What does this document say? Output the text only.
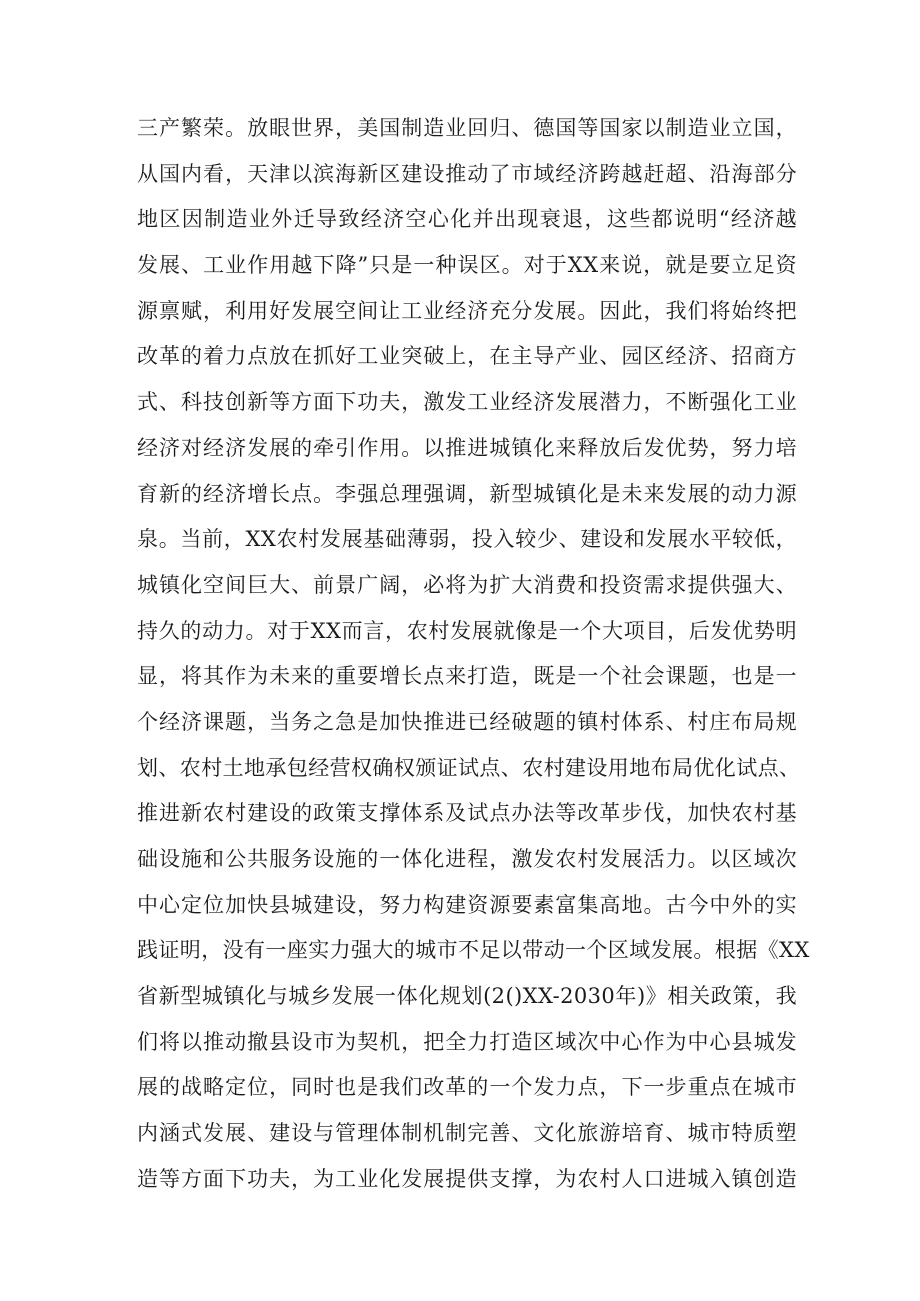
三产繁荣。放眼世界，美国制造业回归、德国等国家以制造业立国，
从国内看，天津以滨海新区建设推动了市域经济跨越赶超、沿海部分
地区因制造业外迁导致经济空心化并出现衰退，这些都说明“经济越
发展、工业作用越下降”只是一种误区。对于XX来说，就是要立足资
源禀赋，利用好发展空间让工业经济充分发展。因此，我们将始终把
改革的着力点放在抓好工业突破上，在主导产业、园区经济、招商方
式、科技创新等方面下功夫，激发工业经济发展潜力，不断强化工业
经济对经济发展的牵引作用。以推进城镇化来释放后发优势，努力培
育新的经济增长点。李强总理强调，新型城镇化是未来发展的动力源
泉。当前，XX农村发展基础薄弱，投入较少、建设和发展水平较低，
城镇化空间巨大、前景广阔，必将为扩大消费和投资需求提供强大、
持久的动力。对于XX而言，农村发展就像是一个大项目，后发优势明
显，将其作为未来的重要增长点来打造，既是一个社会课题，也是一
个经济课题，当务之急是加快推进已经破题的镇村体系、村庄布局规
划、农村土地承包经营权确权颁证试点、农村建设用地布局优化试点、
推进新农村建设的政策支撑体系及试点办法等改革步伐，加快农村基
础设施和公共服务设施的一体化进程，激发农村发展活力。以区域次
中心定位加快县城建设，努力构建资源要素富集高地。古今中外的实
践证明，没有一座实力强大的城市不足以带动一个区域发展。根据《XX
省新型城镇化与城乡发展一体化规划(2()XX-2030年)》相关政策，我
们将以推动撤县设市为契机，把全力打造区域次中心作为中心县城发
展的战略定位，同时也是我们改革的一个发力点，下一步重点在城市
内涵式发展、建设与管理体制机制完善、文化旅游培育、城市特质塑
造等方面下功夫，为工业化发展提供支撑，为农村人口进城入镇创造
